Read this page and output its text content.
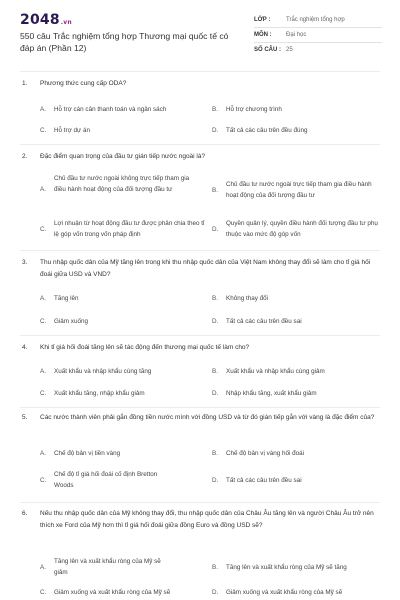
2048.vn
550 câu Trắc nghiệm tổng hợp Thương mại quốc tế có đáp án (Phần 12)
LỚP :	Trắc nghiệm tổng hợp
MÔN : Đại học
SỐ CÂU : 25
1. Phương thức cung cấp ODA?
A. Hỗ trợ cán cân thanh toán và ngân sách	B. Hỗ trợ chương trình
C. Hỗ trợ dự án	D. Tất cả các câu trên đều đúng
2. Đặc điểm quan trọng của đầu tư gián tiếp nước ngoài là?
A.
Chủ đầu tư nước ngoài không trực tiếp tham gia điều hành hoạt động của đối tượng đầu tư	B.
Chủ đầu tư nước ngoài trực tiếp tham gia điều hành hoạt động của đối tượng đầu tư
C.
Lợi nhuận từ hoạt động đầu tư được phân chia theo tỉ lệ góp vốn trong vốn pháp định
D.
Quyền quản lý, quyền điều hành đối tượng đầu tư phụ thuộc vào mức độ góp vốn
3. Thu nhập quốc dân của Mỹ tăng lên trong khi thu nhập quốc dân của Việt Nam không thay đổi sẽ làm cho tỉ giá hối đoái giữa USD và VND?
A. Tăng lên	B. Không thay đổi
C. Giảm xuống	D. Tất cả các câu trên đều sai
4. Khi tỉ giá hối đoái tăng lên sẽ tác động đến thương mại quốc tế làm cho?
A. Xuất khẩu và nhập khẩu cùng tăng	B. Xuất khẩu và nhập khẩu cùng giảm
C. Xuất khẩu tăng, nhập khẩu giảm	D. Nhập khẩu tăng, xuất khẩu giảm
5. Các nước thành viên phải gắn đồng tiền nước mình với đồng USD và từ đó gián tiếp gắn với vàng là đặc điểm của?
A. Chế độ bản vị tiền vàng	B. Chế độ bản vị vàng hối đoái
C.
Chế độ tỉ giá hối đoái cố định Bretton Woods
D. Tất cả các câu trên đều sai
6. Nếu thu nhập quốc dân của Mỹ không thay đổi, thu nhập quốc dân của Châu Âu tăng lên và người Châu Âu trở nên thích xe Ford của Mỹ hơn thì tỉ giá hối đoái giữa đồng Euro và đồng USD sẽ?
A.
Tăng lên và xuất khẩu ròng của Mỹ sẽ giảm
B. Tăng lên và xuất khẩu ròng của Mỹ sẽ tăng
C. Giảm xuống và xuất khẩu ròng của Mỹ sẽ	D. Giảm xuống và xuất khẩu ròng của Mỹ sẽ
